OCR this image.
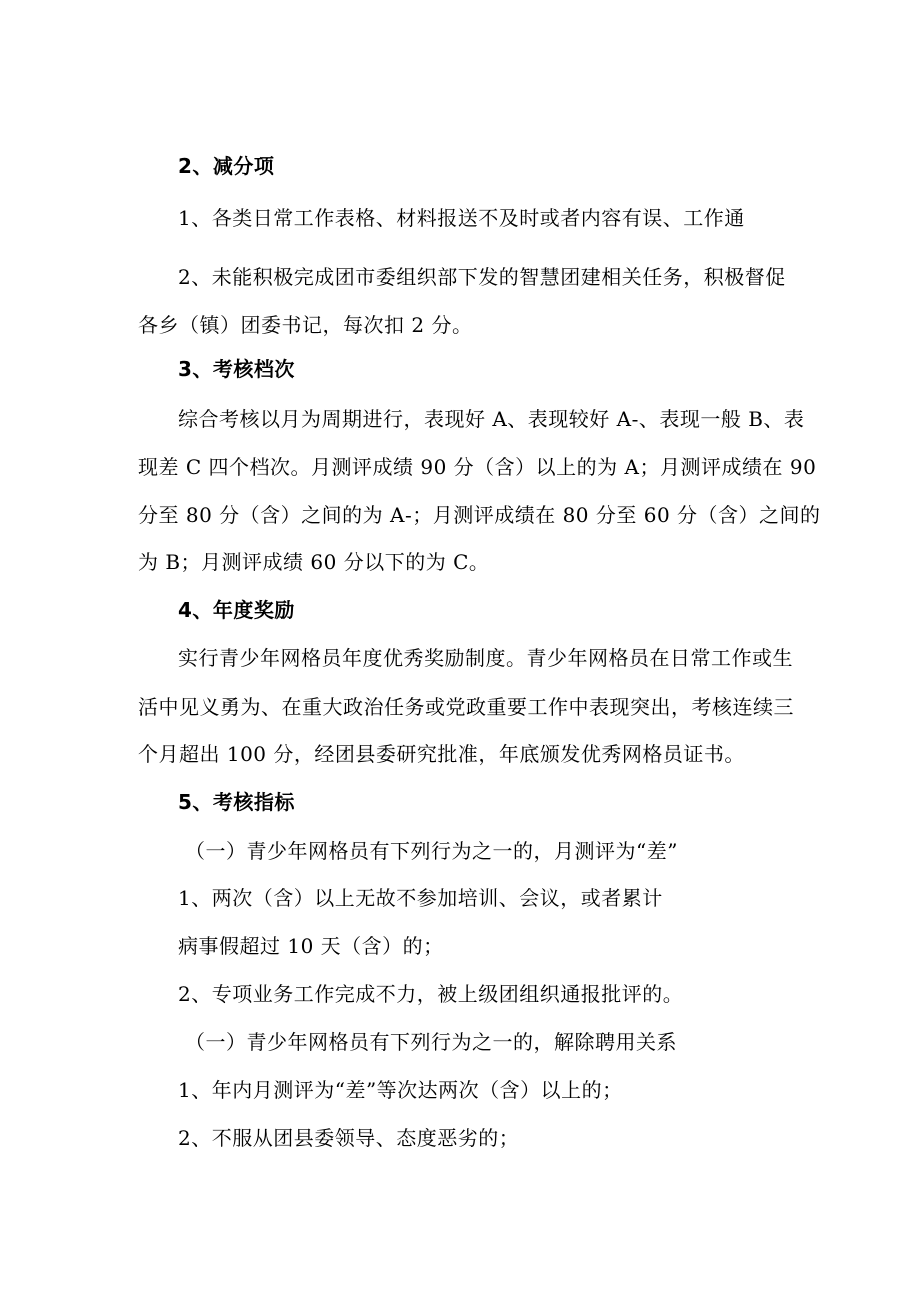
2、减分项
1、各类日常工作表格、材料报送不及时或者内容有误、工作通
2、未能积极完成团市委组织部下发的智慧团建相关任务，积极督促
各乡（镇）团委书记，每次扣 2 分。
3、考核档次
综合考核以月为周期进行，表现好 A、表现较好 A-、表现一般 B、表
现差 C 四个档次。月测评成绩 90 分（含）以上的为 A；月测评成绩在 90
分至 80 分（含）之间的为 A-；月测评成绩在 80 分至 60 分（含）之间的
为 B；月测评成绩 60 分以下的为 C。
4、年度奖励
实行青少年网格员年度优秀奖励制度。青少年网格员在日常工作或生
活中见义勇为、在重大政治任务或党政重要工作中表现突出，考核连续三
个月超出 100 分，经团县委研究批准，年底颁发优秀网格员证书。
5、考核指标
（一）青少年网格员有下列行为之一的，月测评为“差”
1、两次（含）以上无故不参加培训、会议，或者累计
病事假超过 10 天（含）的；
2、专项业务工作完成不力，被上级团组织通报批评的。
（一）青少年网格员有下列行为之一的，解除聘用关系
1、年内月测评为“差”等次达两次（含）以上的；
2、不服从团县委领导、态度恶劣的；
